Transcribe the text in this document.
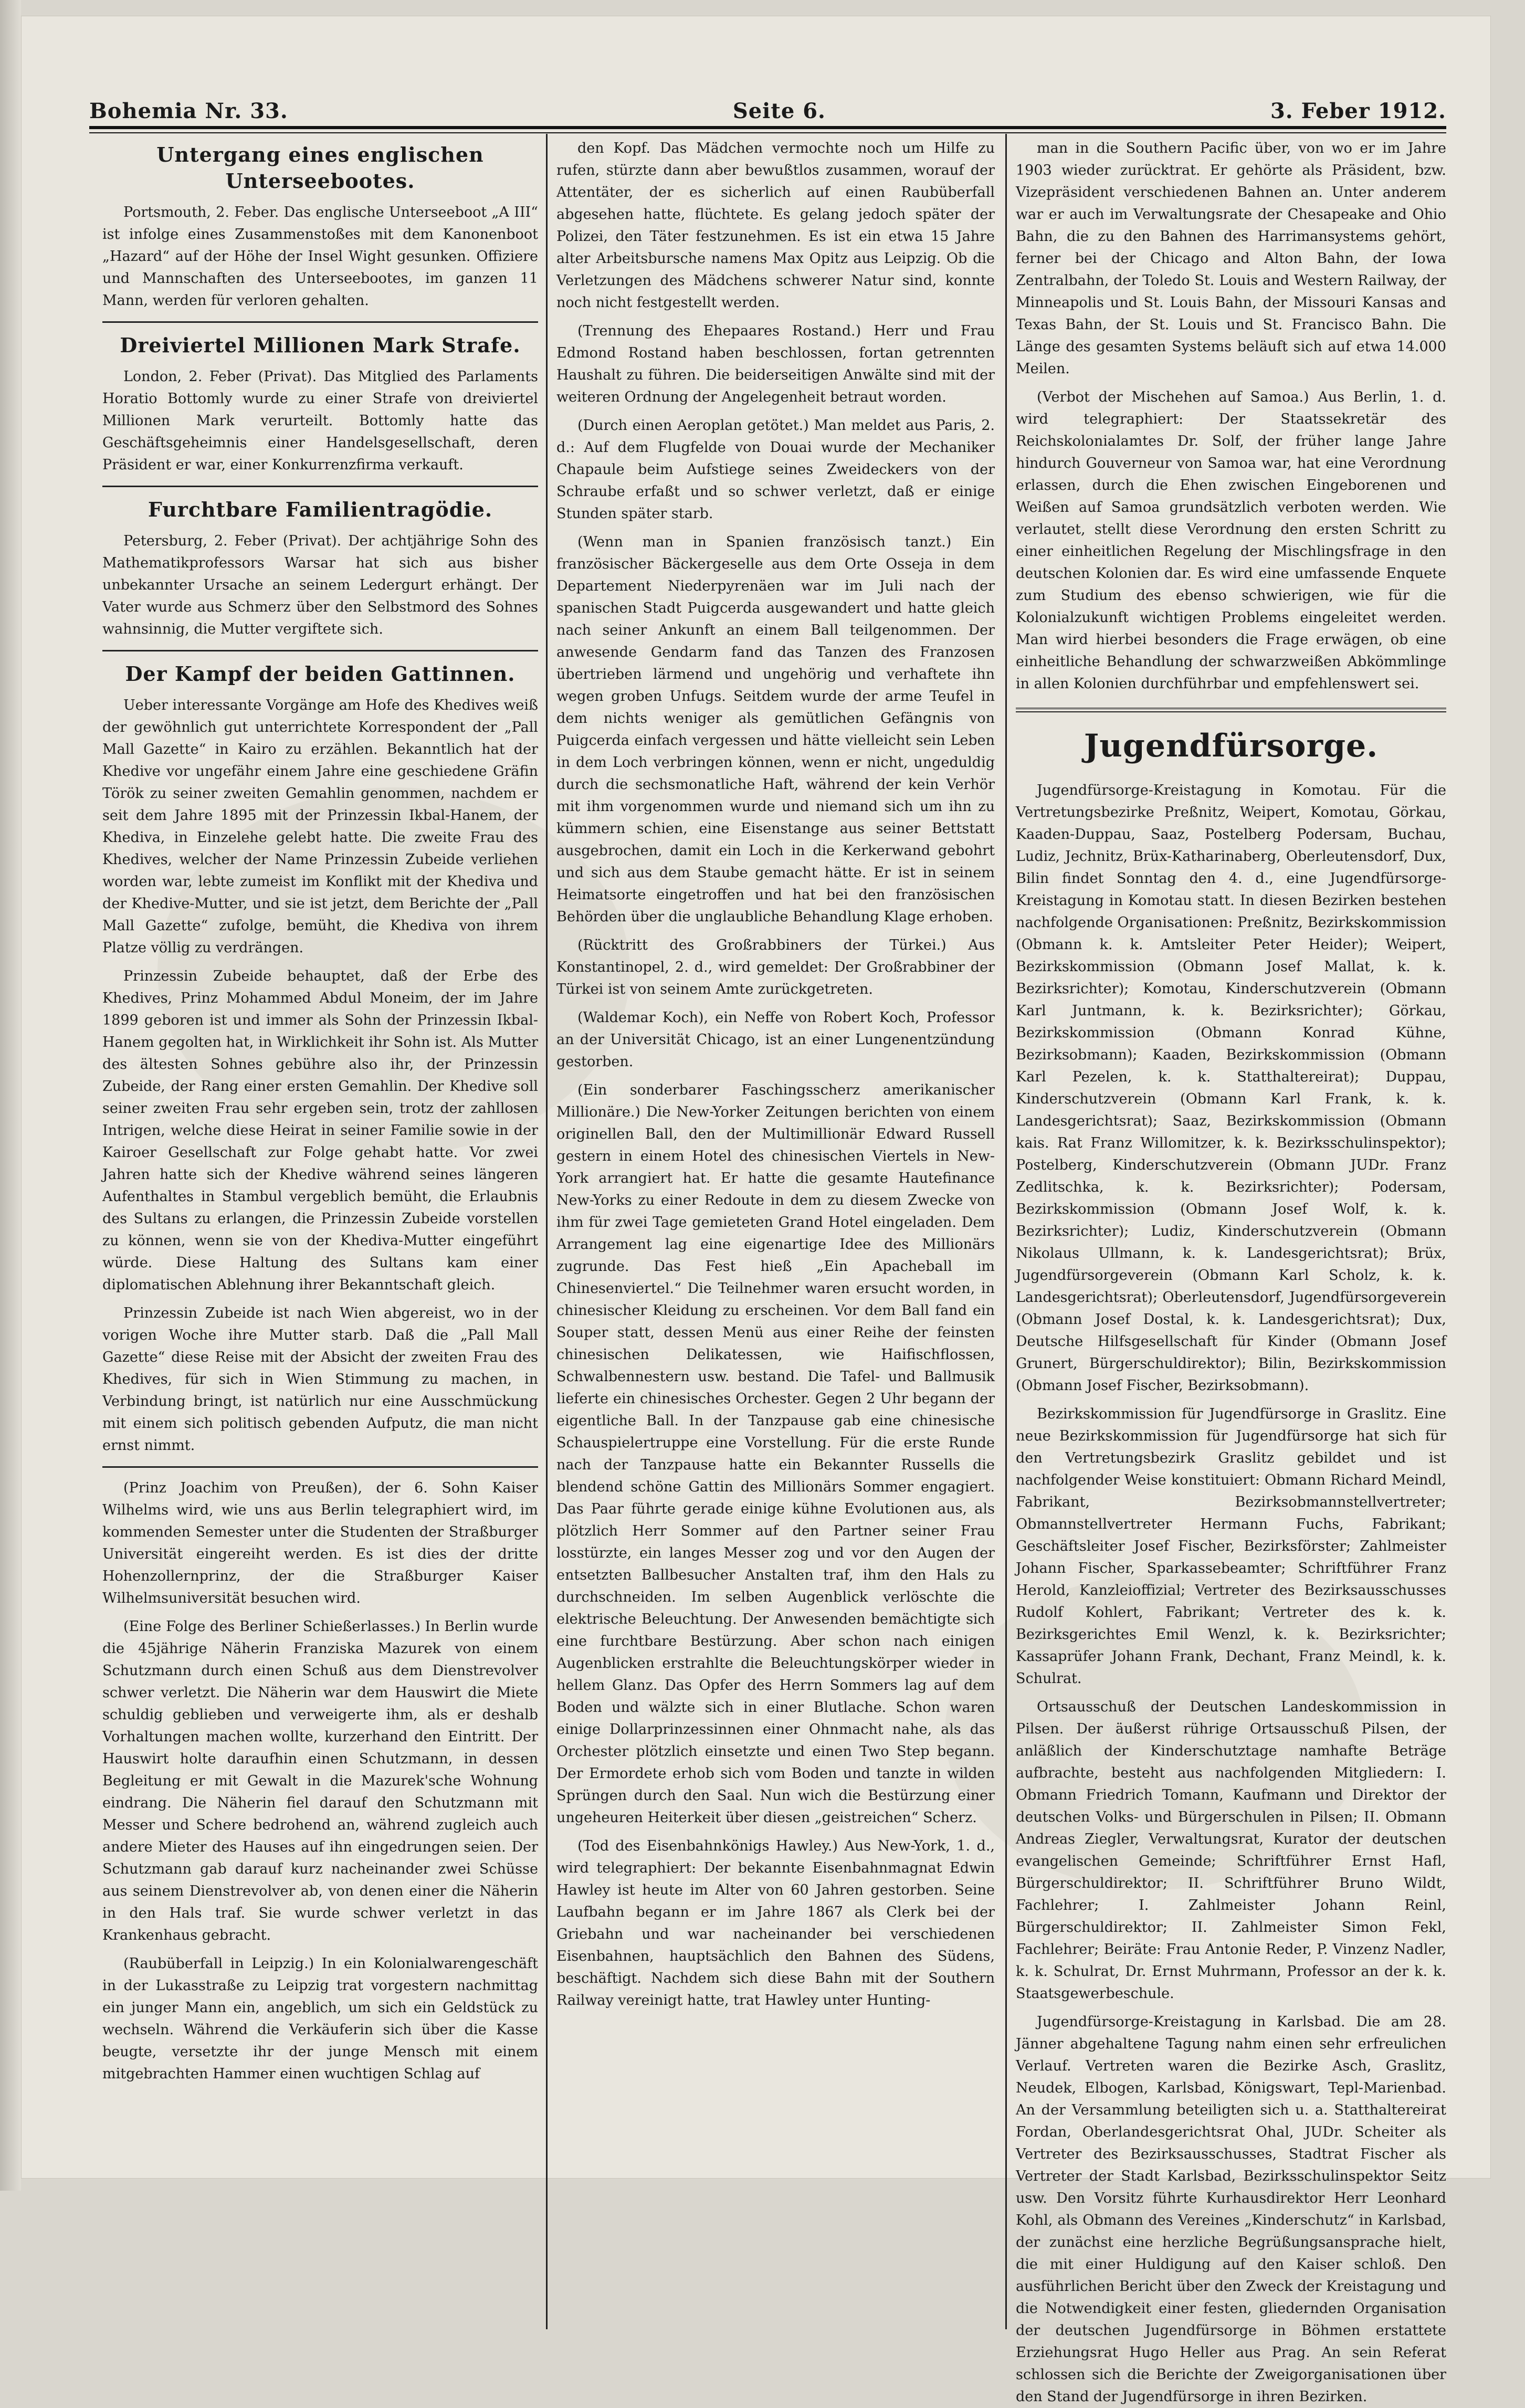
Bohemia Nr. 33.	Seite 6.	3. Feber 1912.
Untergang eines englischen Unterseebootes.

Portsmouth, 2. Feber. Das englische Unterseeboot „A III“ ist infolge eines Zusammenstoßes mit dem Kanonenboot „Hazard“ auf der Höhe der Insel Wight gesunken. Offiziere und Mannschaften des Unterseebootes, im ganzen 11 Mann, werden für verloren gehalten.

Dreiviertel Millionen Mark Strafe.

London, 2. Feber (Privat). Das Mitglied des Parlaments Horatio Bottomly wurde zu einer Strafe von dreiviertel Millionen Mark verurteilt. Bottomly hatte das Geschäftsgeheimnis einer Handelsgesellschaft, deren Präsident er war, einer Konkurrenzfirma verkauft.

Furchtbare Familientragödie.

Petersburg, 2. Feber (Privat). Der achtjährige Sohn des Mathematikprofessors Warsar hat sich aus bisher unbekannter Ursache an seinem Ledergurt erhängt. Der Vater wurde aus Schmerz über den Selbstmord des Sohnes wahnsinnig, die Mutter vergiftete sich.

Der Kampf der beiden Gattinnen.

Ueber interessante Vorgänge am Hofe des Khedives weiß der gewöhnlich gut unterrichtete Korrespondent der „Pall Mall Gazette“ in Kairo zu erzählen. Bekanntlich hat der Khedive vor ungefähr einem Jahre eine geschiedene Gräfin Török zu seiner zweiten Gemahlin genommen, nachdem er seit dem Jahre 1895 mit der Prinzessin Ikbal-Hanem, der Khediva, in Einzelehe gelebt hatte. Die zweite Frau des Khedives, welcher der Name Prinzessin Zubeide verliehen worden war, lebte zumeist im Konflikt mit der Khediva und der Khedive-Mutter, und sie ist jetzt, dem Berichte der „Pall Mall Gazette“ zufolge, bemüht, die Khediva von ihrem Platze völlig zu verdrängen.

Prinzessin Zubeide behauptet, daß der Erbe des Khedives, Prinz Mohammed Abdul Moneim, der im Jahre 1899 geboren ist und immer als Sohn der Prinzessin Ikbal-Hanem gegolten hat, in Wirklichkeit ihr Sohn ist. Als Mutter des ältesten Sohnes gebühre also ihr, der Prinzessin Zubeide, der Rang einer ersten Gemahlin. Der Khedive soll seiner zweiten Frau sehr ergeben sein, trotz der zahllosen Intrigen, welche diese Heirat in seiner Familie sowie in der Kairoer Gesellschaft zur Folge gehabt hatte. Vor zwei Jahren hatte sich der Khedive während seines längeren Aufenthaltes in Stambul vergeblich bemüht, die Erlaubnis des Sultans zu erlangen, die Prinzessin Zubeide vorstellen zu können, wenn sie von der Khediva-Mutter eingeführt würde. Diese Haltung des Sultans kam einer diplomatischen Ablehnung ihrer Bekanntschaft gleich.

Prinzessin Zubeide ist nach Wien abgereist, wo in der vorigen Woche ihre Mutter starb. Daß die „Pall Mall Gazette“ diese Reise mit der Absicht der zweiten Frau des Khedives, für sich in Wien Stimmung zu machen, in Verbindung bringt, ist natürlich nur eine Ausschmückung mit einem sich politisch gebenden Aufputz, die man nicht ernst nimmt.

(Prinz Joachim von Preußen), der 6. Sohn Kaiser Wilhelms wird, wie uns aus Berlin telegraphiert wird, im kommenden Semester unter die Studenten der Straßburger Universität eingereiht werden. Es ist dies der dritte Hohenzollernprinz, der die Straßburger Kaiser Wilhelmsuniversität besuchen wird.

(Eine Folge des Berliner Schießerlasses.) In Berlin wurde die 45jährige Näherin Franziska Mazurek von einem Schutzmann durch einen Schuß aus dem Dienstrevolver schwer verletzt. Die Näherin war dem Hauswirt die Miete schuldig geblieben und verweigerte ihm, als er deshalb Vorhaltungen machen wollte, kurzerhand den Eintritt. Der Hauswirt holte daraufhin einen Schutzmann, in dessen Begleitung er mit Gewalt in die Mazurek'sche Wohnung eindrang. Die Näherin fiel darauf den Schutzmann mit Messer und Schere bedrohend an, während zugleich auch andere Mieter des Hauses auf ihn eingedrungen seien. Der Schutzmann gab darauf kurz nacheinander zwei Schüsse aus seinem Dienstrevolver ab, von denen einer die Näherin in den Hals traf. Sie wurde schwer verletzt in das Krankenhaus gebracht.

(Raubüberfall in Leipzig.) In ein Kolonialwarengeschäft in der Lukasstraße zu Leipzig trat vorgestern nachmittag ein junger Mann ein, angeblich, um sich ein Geldstück zu wechseln. Während die Verkäuferin sich über die Kasse beugte, versetzte ihr der junge Mensch mit einem mitgebrachten Hammer einen wuchtigen Schlag auf

den Kopf. Das Mädchen vermochte noch um Hilfe zu rufen, stürzte dann aber bewußtlos zusammen, worauf der Attentäter, der es sicherlich auf einen Raubüberfall abgesehen hatte, flüchtete. Es gelang jedoch später der Polizei, den Täter festzunehmen. Es ist ein etwa 15 Jahre alter Arbeitsbursche namens Max Opitz aus Leipzig. Ob die Verletzungen des Mädchens schwerer Natur sind, konnte noch nicht festgestellt werden.

(Trennung des Ehepaares Rostand.) Herr und Frau Edmond Rostand haben beschlossen, fortan getrennten Haushalt zu führen. Die beiderseitigen Anwälte sind mit der weiteren Ordnung der Angelegenheit betraut worden.

(Durch einen Aeroplan getötet.) Man meldet aus Paris, 2. d.: Auf dem Flugfelde von Douai wurde der Mechaniker Chapaule beim Aufstiege seines Zweideckers von der Schraube erfaßt und so schwer verletzt, daß er einige Stunden später starb.

(Wenn man in Spanien französisch tanzt.) Ein französischer Bäckergeselle aus dem Orte Osseja in dem Departement Niederpyrenäen war im Juli nach der spanischen Stadt Puigcerda ausgewandert und hatte gleich nach seiner Ankunft an einem Ball teilgenommen. Der anwesende Gendarm fand das Tanzen des Franzosen übertrieben lärmend und ungehörig und verhaftete ihn wegen groben Unfugs. Seitdem wurde der arme Teufel in dem nichts weniger als gemütlichen Gefängnis von Puigcerda einfach vergessen und hätte vielleicht sein Leben in dem Loch verbringen können, wenn er nicht, ungeduldig durch die sechsmonatliche Haft, während der kein Verhör mit ihm vorgenommen wurde und niemand sich um ihn zu kümmern schien, eine Eisenstange aus seiner Bettstatt ausgebrochen, damit ein Loch in die Kerkerwand gebohrt und sich aus dem Staube gemacht hätte. Er ist in seinem Heimatsorte eingetroffen und hat bei den französischen Behörden über die unglaubliche Behandlung Klage erhoben.

(Rücktritt des Großrabbiners der Türkei.) Aus Konstantinopel, 2. d., wird gemeldet: Der Großrabbiner der Türkei ist von seinem Amte zurückgetreten.

(Waldemar Koch), ein Neffe von Robert Koch, Professor an der Universität Chicago, ist an einer Lungenentzündung gestorben.

(Ein sonderbarer Faschingsscherz amerikanischer Millionäre.) Die New-Yorker Zeitungen berichten von einem originellen Ball, den der Multimillionär Edward Russell gestern in einem Hotel des chinesischen Viertels in New-York arrangiert hat. Er hatte die gesamte Hautefinance New-Yorks zu einer Redoute in dem zu diesem Zwecke von ihm für zwei Tage gemieteten Grand Hotel eingeladen. Dem Arrangement lag eine eigenartige Idee des Millionärs zugrunde. Das Fest hieß „Ein Apacheball im Chinesenviertel.“ Die Teilnehmer waren ersucht worden, in chinesischer Kleidung zu erscheinen. Vor dem Ball fand ein Souper statt, dessen Menü aus einer Reihe der feinsten chinesischen Delikatessen, wie Haifischflossen, Schwalbennestern usw. bestand. Die Tafel- und Ballmusik lieferte ein chinesisches Orchester. Gegen 2 Uhr begann der eigentliche Ball. In der Tanzpause gab eine chinesische Schauspielertruppe eine Vorstellung. Für die erste Runde nach der Tanzpause hatte ein Bekannter Russells die blendend schöne Gattin des Millionärs Sommer engagiert. Das Paar führte gerade einige kühne Evolutionen aus, als plötzlich Herr Sommer auf den Partner seiner Frau losstürzte, ein langes Messer zog und vor den Augen der entsetzten Ballbesucher Anstalten traf, ihm den Hals zu durchschneiden. Im selben Augenblick verlöschte die elektrische Beleuchtung. Der Anwesenden bemächtigte sich eine furchtbare Bestürzung. Aber schon nach einigen Augenblicken erstrahlte die Beleuchtungskörper wieder in hellem Glanz. Das Opfer des Herrn Sommers lag auf dem Boden und wälzte sich in einer Blutlache. Schon waren einige Dollarprinzessinnen einer Ohnmacht nahe, als das Orchester plötzlich einsetzte und einen Two Step begann. Der Ermordete erhob sich vom Boden und tanzte in wilden Sprüngen durch den Saal. Nun wich die Bestürzung einer ungeheuren Heiterkeit über diesen „geistreichen“ Scherz.

(Tod des Eisenbahnkönigs Hawley.) Aus New-York, 1. d., wird telegraphiert: Der bekannte Eisenbahnmagnat Edwin Hawley ist heute im Alter von 60 Jahren gestorben. Seine Laufbahn begann er im Jahre 1867 als Clerk bei der Griebahn und war nacheinander bei verschiedenen Eisenbahnen, hauptsächlich den Bahnen des Südens, beschäftigt. Nachdem sich diese Bahn mit der Southern Railway vereinigt hatte, trat Hawley unter Hunting-

man in die Southern Pacific über, von wo er im Jahre 1903 wieder zurücktrat. Er gehörte als Präsident, bzw. Vizepräsident verschiedenen Bahnen an. Unter anderem war er auch im Verwaltungsrate der Chesapeake and Ohio Bahn, die zu den Bahnen des Harrimansystems gehört, ferner bei der Chicago and Alton Bahn, der Iowa Zentralbahn, der Toledo St. Louis and Western Railway, der Minneapolis und St. Louis Bahn, der Missouri Kansas and Texas Bahn, der St. Louis und St. Francisco Bahn. Die Länge des gesamten Systems beläuft sich auf etwa 14.000 Meilen.

(Verbot der Mischehen auf Samoa.) Aus Berlin, 1. d. wird telegraphiert: Der Staatssekretär des Reichskolonialamtes Dr. Solf, der früher lange Jahre hindurch Gouverneur von Samoa war, hat eine Verordnung erlassen, durch die Ehen zwischen Eingeborenen und Weißen auf Samoa grundsätzlich verboten werden. Wie verlautet, stellt diese Verordnung den ersten Schritt zu einer einheitlichen Regelung der Mischlingsfrage in den deutschen Kolonien dar. Es wird eine umfassende Enquete zum Studium des ebenso schwierigen, wie für die Kolonialzukunft wichtigen Problems eingeleitet werden. Man wird hierbei besonders die Frage erwägen, ob eine einheitliche Behandlung der schwarzweißen Abkömmlinge in allen Kolonien durchführbar und empfehlenswert sei.

Jugendfürsorge.

Jugendfürsorge-Kreistagung in Komotau. Für die Vertretungsbezirke Preßnitz, Weipert, Komotau, Görkau, Kaaden-Duppau, Saaz, Postelberg Podersam, Buchau, Ludiz, Jechnitz, Brüx-Katharinaberg, Oberleutensdorf, Dux, Bilin findet Sonntag den 4. d., eine Jugendfürsorge-Kreistagung in Komotau statt. In diesen Bezirken bestehen nachfolgende Organisationen: Preßnitz, Bezirkskommission (Obmann k. k. Amtsleiter Peter Heider); Weipert, Bezirkskommission (Obmann Josef Mallat, k. k. Bezirksrichter); Komotau, Kinderschutzverein (Obmann Karl Juntmann, k. k. Bezirksrichter); Görkau, Bezirkskommission (Obmann Konrad Kühne, Bezirksobmann); Kaaden, Bezirkskommission (Obmann Karl Pezelen, k. k. Statthaltereirat); Duppau, Kinderschutzverein (Obmann Karl Frank, k. k. Landesgerichtsrat); Saaz, Bezirkskommission (Obmann kais. Rat Franz Willomitzer, k. k. Bezirksschulinspektor); Postelberg, Kinderschutzverein (Obmann JUDr. Franz Zedlitschka, k. k. Bezirksrichter); Podersam, Bezirkskommission (Obmann Josef Wolf, k. k. Bezirksrichter); Ludiz, Kinderschutzverein (Obmann Nikolaus Ullmann, k. k. Landesgerichtsrat); Brüx, Jugendfürsorgeverein (Obmann Karl Scholz, k. k. Landesgerichtsrat); Oberleutensdorf, Jugendfürsorgeverein (Obmann Josef Dostal, k. k. Landesgerichtsrat); Dux, Deutsche Hilfsgesellschaft für Kinder (Obmann Josef Grunert, Bürgerschuldirektor); Bilin, Bezirkskommission (Obmann Josef Fischer, Bezirksobmann).

Bezirkskommission für Jugendfürsorge in Graslitz. Eine neue Bezirkskommission für Jugendfürsorge hat sich für den Vertretungsbezirk Graslitz gebildet und ist nachfolgender Weise konstituiert: Obmann Richard Meindl, Fabrikant, Bezirksobmannstellvertreter; Obmannstellvertreter Hermann Fuchs, Fabrikant; Geschäftsleiter Josef Fischer, Bezirksförster; Zahlmeister Johann Fischer, Sparkassebeamter; Schriftführer Franz Herold, Kanzleioffizial; Vertreter des Bezirksausschusses Rudolf Kohlert, Fabrikant; Vertreter des k. k. Bezirksgerichtes Emil Wenzl, k. k. Bezirksrichter; Kassaprüfer Johann Frank, Dechant, Franz Meindl, k. k. Schulrat.

Ortsausschuß der Deutschen Landeskommission in Pilsen. Der äußerst rührige Ortsausschuß Pilsen, der anläßlich der Kinderschutztage namhafte Beträge aufbrachte, besteht aus nachfolgenden Mitgliedern: I. Obmann Friedrich Tomann, Kaufmann und Direktor der deutschen Volks- und Bürgerschulen in Pilsen; II. Obmann Andreas Ziegler, Verwaltungsrat, Kurator der deutschen evangelischen Gemeinde; Schriftführer Ernst Hafl, Bürgerschuldirektor; II. Schriftführer Bruno Wildt, Fachlehrer; I. Zahlmeister Johann Reinl, Bürgerschuldirektor; II. Zahlmeister Simon Fekl, Fachlehrer; Beiräte: Frau Antonie Reder, P. Vinzenz Nadler, k. k. Schulrat, Dr. Ernst Muhrmann, Professor an der k. k. Staatsgewerbeschule.

Jugendfürsorge-Kreistagung in Karlsbad. Die am 28. Jänner abgehaltene Tagung nahm einen sehr erfreulichen Verlauf. Vertreten waren die Bezirke Asch, Graslitz, Neudek, Elbogen, Karlsbad, Königswart, Tepl-Marienbad. An der Versammlung beteiligten sich u. a. Statthaltereirat Fordan, Oberlandesgerichtsrat Ohal, JUDr. Scheiter als Vertreter des Bezirksausschusses, Stadtrat Fischer als Vertreter der Stadt Karlsbad, Bezirksschulinspektor Seitz usw. Den Vorsitz führte Kurhausdirektor Herr Leonhard Kohl, als Obmann des Vereines „Kinderschutz“ in Karlsbad, der zunächst eine herzliche Begrüßungsansprache hielt, die mit einer Huldigung auf den Kaiser schloß. Den ausführlichen Bericht über den Zweck der Kreistagung und die Notwendigkeit einer festen, gliedernden Organisation der deutschen Jugendfürsorge in Böhmen erstattete Erziehungsrat Hugo Heller aus Prag. An sein Referat schlossen sich die Berichte der Zweigorganisationen über den Stand der Jugendfürsorge in ihren Bezirken.
